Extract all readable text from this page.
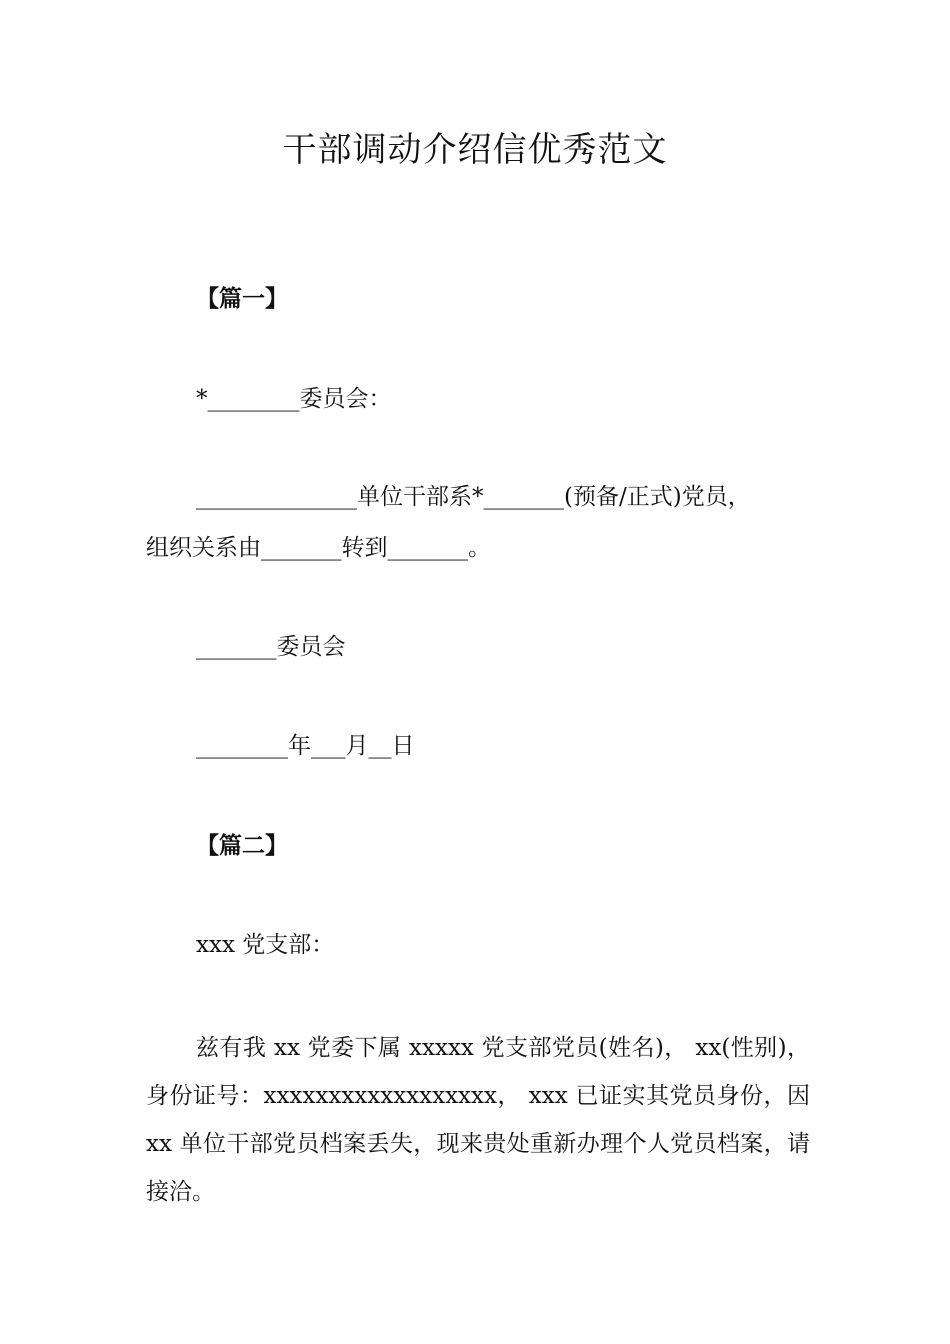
干部调动介绍信优秀范文
【篇一】
*________委员会：
______________单位干部系*_______(预备/正式)党员，
组织关系由_______转到_______。
_______委员会
________年___月__日
【篇二】
xxx 党支部：
兹有我 xx 党委下属 xxxxx 党支部党员(姓名)， xx(性别)，身份证号：xxxxxxxxxxxxxxxxxx， xxx 已证实其党员身份，因 xx 单位干部党员档案丢失，现来贵处重新办理个人党员档案，请接洽。
